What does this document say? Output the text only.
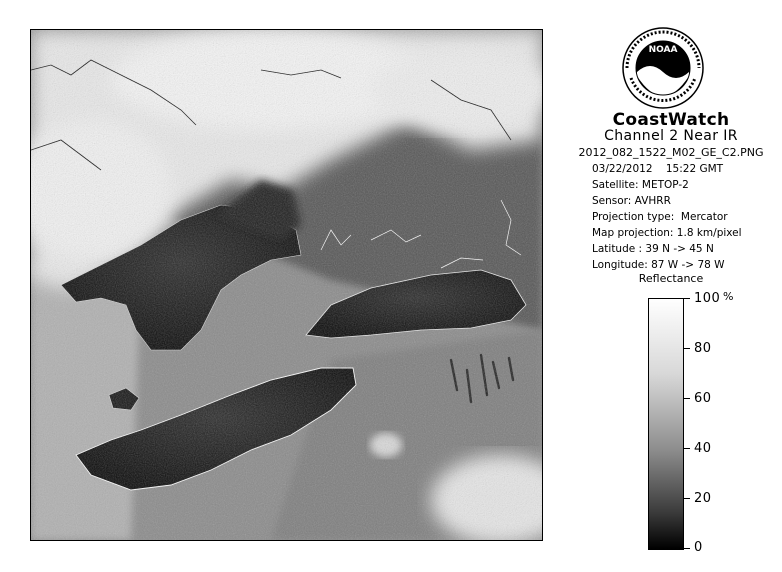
NOAA
CoastWatch
Channel 2 Near IR
2012_082_1522_M02_GE_C2.PNG
03/22/2012    15:22 GMT
Satellite: METOP-2
Sensor: AVHRR
Projection type:  Mercator
Map projection: 1.8 km/pixel
Latitude : 39 N -> 45 N
Longitude: 87 W -> 78 W
Reflectance
%
100
80
60
40
20
0
